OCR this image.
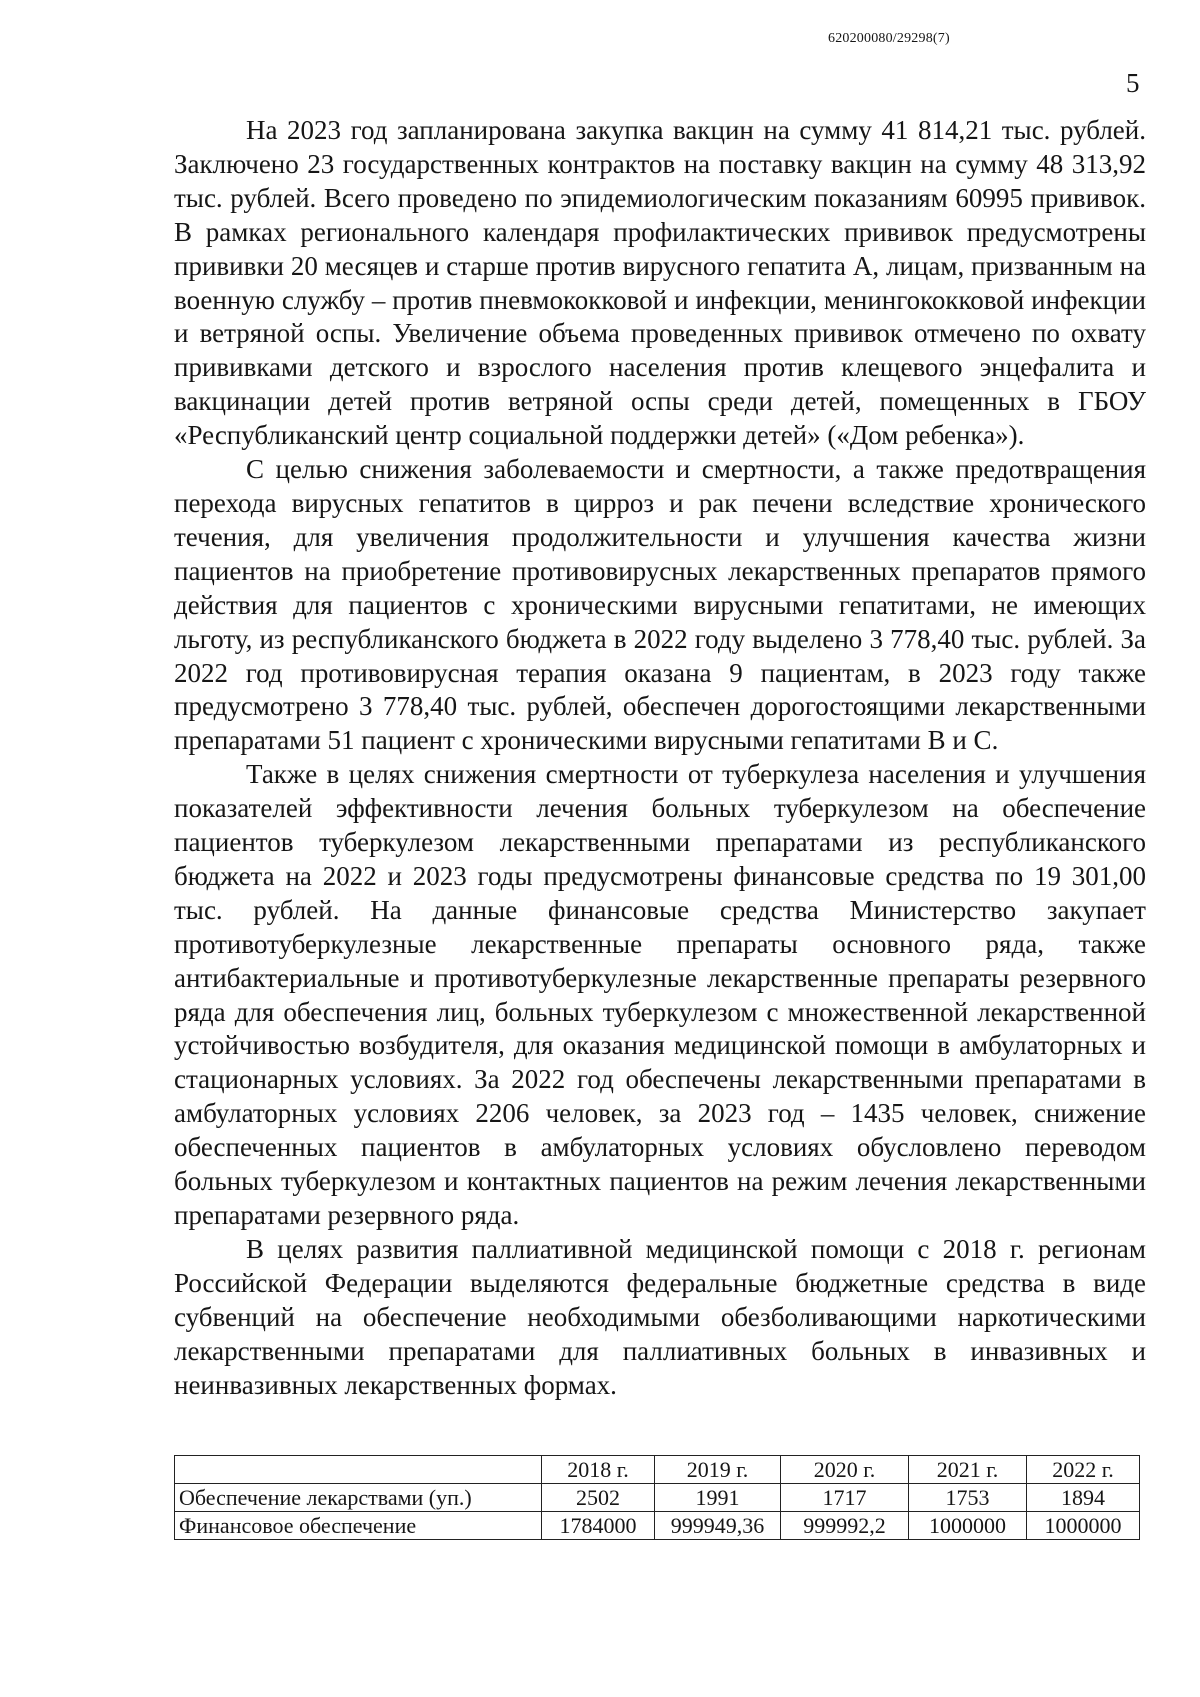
620200080/29298(7)
5

На 2023 год запланирована закупка вакцин на сумму 41 814,21 тыс. рублей. Заключено 23 государственных контрактов на поставку вакцин на сумму 48 313,92 тыс. рублей. Всего проведено по эпидемиологическим показаниям 60995 прививок. В рамках регионального календаря профилактических прививок предусмотрены прививки 20 месяцев и старше против вирусного гепатита А, лицам, призванным на военную службу – против пневмококковой и инфекции, менингококковой инфекции и ветряной оспы. Увеличение объема проведенных прививок отмечено по охвату прививками детского и взрослого населения против клещевого энцефалита и вакцинации детей против ветряной оспы среди детей, помещенных в ГБОУ «Республиканский центр социальной поддержки детей» («Дом ребенка»).

С целью снижения заболеваемости и смертности, а также предотвращения перехода вирусных гепатитов в цирроз и рак печени вследствие хронического течения, для увеличения продолжительности и улучшения качества жизни пациентов на приобретение противовирусных лекарственных препаратов прямого действия для пациентов с хроническими вирусными гепатитами, не имеющих льготу, из республиканского бюджета в 2022 году выделено 3 778,40 тыс. рублей. За 2022 год противовирусная терапия оказана 9 пациентам, в 2023 году также предусмотрено 3 778,40 тыс. рублей, обеспечен дорогостоящими лекарственными препаратами 51 пациент с хроническими вирусными гепатитами В и С.

Также в целях снижения смертности от туберкулеза населения и улучшения показателей эффективности лечения больных туберкулезом на обеспечение пациентов туберкулезом лекарственными препаратами из республиканского бюджета на 2022 и 2023 годы предусмотрены финансовые средства по 19 301,00 тыс. рублей. На данные финансовые средства Министерство закупает противотуберкулезные лекарственные препараты основного ряда, также антибактериальные и противотуберкулезные лекарственные препараты резервного ряда для обеспечения лиц, больных туберкулезом с множественной лекарственной устойчивостью возбудителя, для оказания медицинской помощи в амбулаторных и стационарных условиях. За 2022 год обеспечены лекарственными препаратами в амбулаторных условиях 2206 человек, за 2023 год – 1435 человек, снижение обеспеченных пациентов в амбулаторных условиях обусловлено переводом больных туберкулезом и контактных пациентов на режим лечения лекарственными препаратами резервного ряда.

В целях развития паллиативной медицинской помощи с 2018 г. регионам Российской Федерации выделяются федеральные бюджетные средства в виде субвенций на обеспечение необходимыми обезболивающими наркотическими лекарственными препаратами для паллиативных больных в инвазивных и неинвазивных лекарственных формах.

	2018 г.	2019 г.	2020 г.	2021 г.	2022 г.
Обеспечение лекарствами (уп.)	2502	1991	1717	1753	1894
Финансовое обеспечение	1784000	999949,36	999992,2	1000000	1000000
